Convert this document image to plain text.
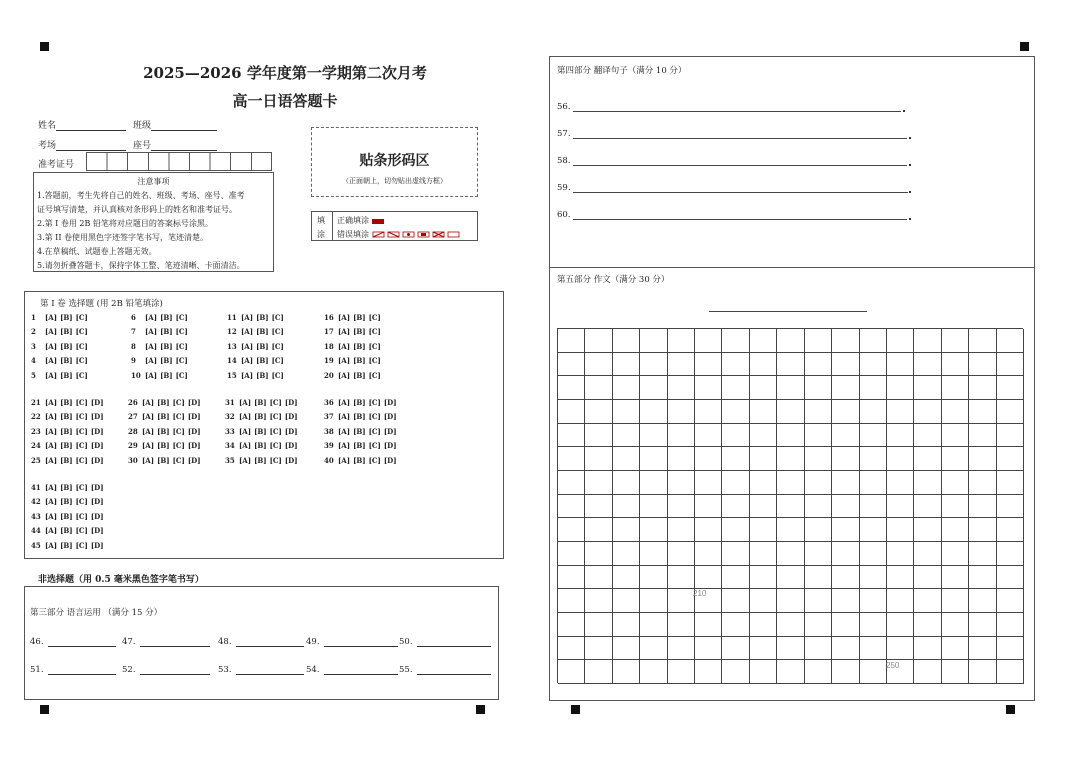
2025—2026 学年度第一学期第二次月考
高一日语答题卡
姓名	班级
考场	座号
准考证号
注意事项
1.答题前，考生先将自己的姓名、班级、考场、座号、准考
证号填写清楚，并认真核对条形码上的姓名和准考证号。
2.第 I 卷用 2B 铅笔将对应题目的答案标号涂黑。
3.第 II 卷使用黑色字迹签字笔书写，笔迹清楚。
4.在草稿纸、试题卷上答题无效。
5.请勿折叠答题卡，保持字体工整、笔迹清晰、卡面清洁。
贴条形码区
（正面朝上，切勿贴出虚线方框）
填
涂
正确填涂
错误填涂
第 I 卷 选择题 (用 2B 铅笔填涂)
1 [A] [B] [C]	6 [A] [B] [C]	11 [A] [B] [C]	16 [A] [B] [C]
2 [A] [B] [C]	7 [A] [B] [C]	12 [A] [B] [C]	17 [A] [B] [C]
3 [A] [B] [C]	8 [A] [B] [C]	13 [A] [B] [C]	18 [A] [B] [C]
4 [A] [B] [C]	9 [A] [B] [C]	14 [A] [B] [C]	19 [A] [B] [C]
5 [A] [B] [C]	10 [A] [B] [C]	15 [A] [B] [C]	20 [A] [B] [C]
21 [A] [B] [C] [D]	26 [A] [B] [C] [D]	31 [A] [B] [C] [D]	36 [A] [B] [C] [D]
22 [A] [B] [C] [D]	27 [A] [B] [C] [D]	32 [A] [B] [C] [D]	37 [A] [B] [C] [D]
23 [A] [B] [C] [D]	28 [A] [B] [C] [D]	33 [A] [B] [C] [D]	38 [A] [B] [C] [D]
24 [A] [B] [C] [D]	29 [A] [B] [C] [D]	34 [A] [B] [C] [D]	39 [A] [B] [C] [D]
25 [A] [B] [C] [D]	30 [A] [B] [C] [D]	35 [A] [B] [C] [D]	40 [A] [B] [C] [D]
41 [A] [B] [C] [D]
42 [A] [B] [C] [D]
43 [A] [B] [C] [D]
44 [A] [B] [C] [D]
45 [A] [B] [C] [D]
非选择题（用 0.5 毫米黑色签字笔书写）
第三部分 语言运用 （满分 15 分）
46.	47.	48.	49.	50.
51.	52.	53.	54.	55.
第四部分 翻译句子（满分 10 分）
56.
57.
58.
59.
60.
第五部分 作文（满分 30 分）
210
250
